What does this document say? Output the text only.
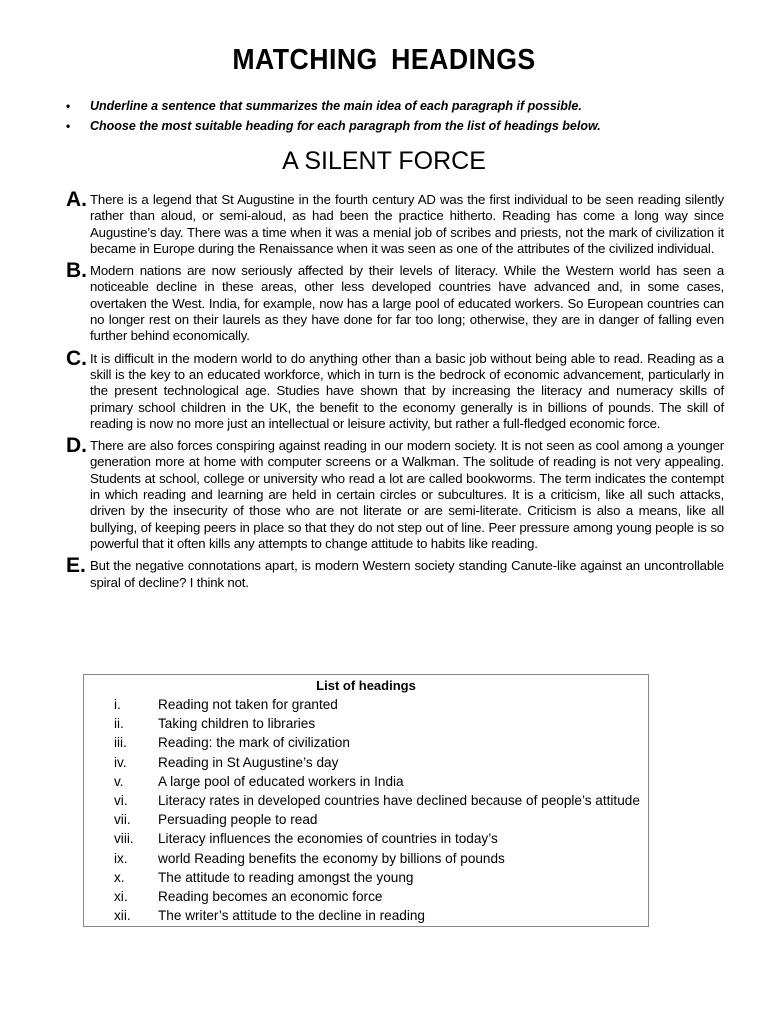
MATCHING HEADINGS
• Underline a sentence that summarizes the main idea of each paragraph if possible.
• Choose the most suitable heading for each paragraph from the list of headings below.
A SILENT FORCE
A. There is a legend that St Augustine in the fourth century AD was the first individual to be seen reading silently rather than aloud, or semi-aloud, as had been the practice hitherto. Reading has come a long way since Augustine’s day. There was a time when it was a menial job of scribes and priests, not the mark of civilization it became in Europe during the Renaissance when it was seen as one of the attributes of the civilized individual.
B. Modern nations are now seriously affected by their levels of literacy. While the Western world has seen a noticeable decline in these areas, other less developed countries have advanced and, in some cases, overtaken the West. India, for example, now has a large pool of educated workers. So European countries can no longer rest on their laurels as they have done for far too long; otherwise, they are in danger of falling even further behind economically.
C. It is difficult in the modern world to do anything other than a basic job without being able to read. Reading as a skill is the key to an educated workforce, which in turn is the bedrock of economic advancement, particularly in the present technological age. Studies have shown that by increasing the literacy and numeracy skills of primary school children in the UK, the benefit to the economy generally is in billions of pounds. The skill of reading is now no more just an intellectual or leisure activity, but rather a full-fledged economic force.
D. There are also forces conspiring against reading in our modern society. It is not seen as cool among a younger generation more at home with computer screens or a Walkman. The solitude of reading is not very appealing. Students at school, college or university who read a lot are called bookworms. The term indicates the contempt in which reading and learning are held in certain circles or subcultures. It is a criticism, like all such attacks, driven by the insecurity of those who are not literate or are semi-literate. Criticism is also a means, like all bullying, of keeping peers in place so that they do not step out of line. Peer pressure among young people is so powerful that it often kills any attempts to change attitude to habits like reading.
E. But the negative connotations apart, is modern Western society standing Canute-like against an uncontrollable spiral of decline? I think not.
List of headings
i.	Reading not taken for granted
ii.	Taking children to libraries
iii. Reading: the mark of civilization
iv. Reading in St Augustine’s day
v.	A large pool of educated workers in India
vi. Literacy rates in developed countries have declined because of people’s attitude
vii. Persuading people to read
viii. Literacy influences the economies of countries in today’s
ix. world Reading benefits the economy by billions of pounds
x. The attitude to reading amongst the young
xi. Reading becomes an economic force
xii. The writer’s attitude to the decline in reading
